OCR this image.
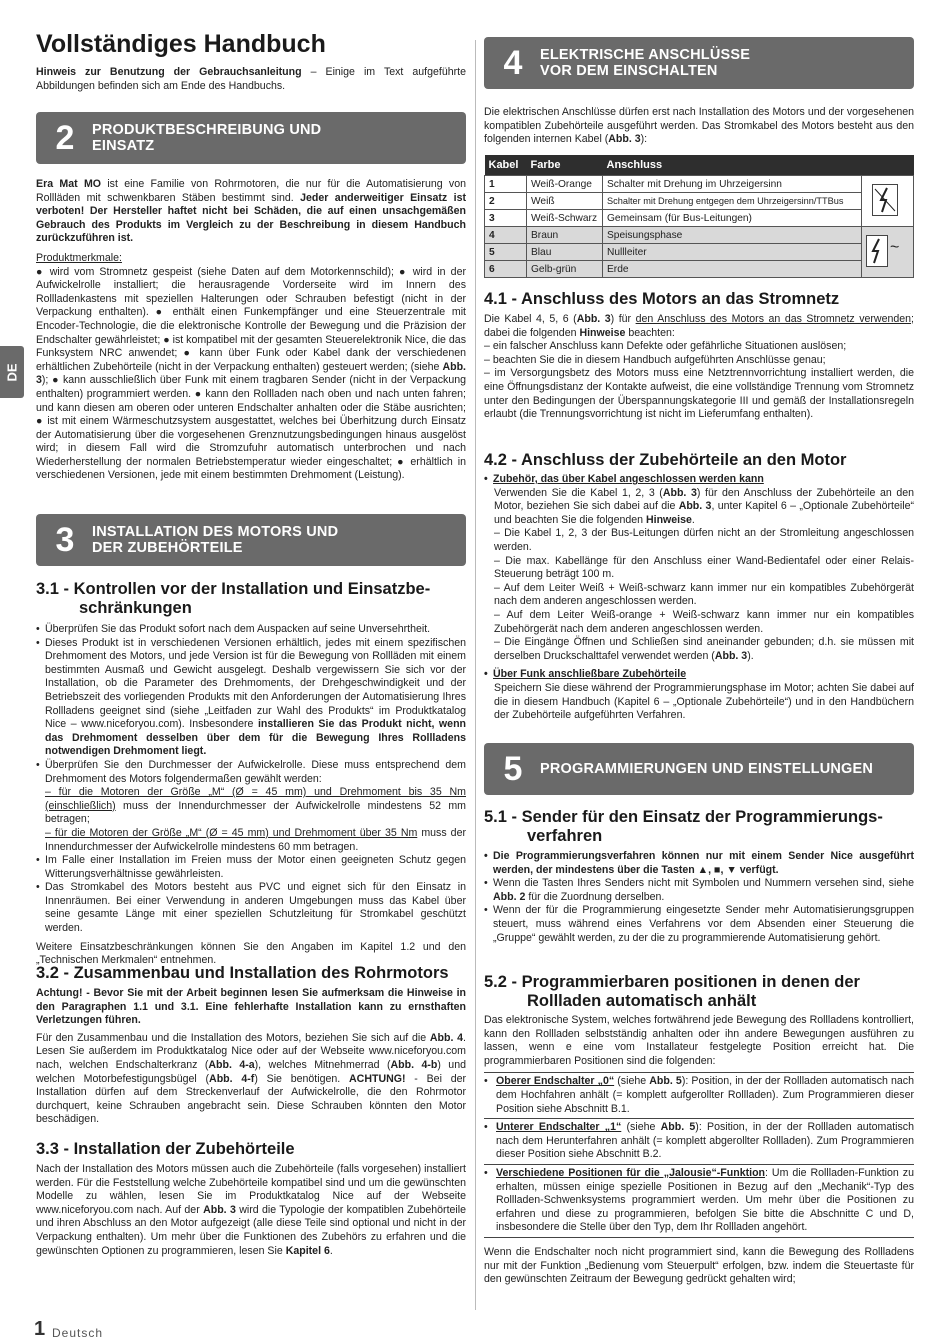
Vollständiges Handbuch
DE

Hinweis zur Benutzung der Gebrauchsanleitung – Einige im Text aufgeführte Abbildungen befinden sich am Ende des Handbuchs.

2	PRODUKTBESCHREIBUNG UND
EINSATZ

Era Mat MO ist eine Familie von Rohrmotoren, die nur für die Automatisierung von Rollläden mit schwenkbaren Stäben bestimmt sind. Jeder anderweitiger Einsatz ist verboten! Der Hersteller haftet nicht bei Schäden, die auf einen unsachgemäßen Gebrauch des Produkts im Vergleich zu der Beschreibung in diesem Handbuch zurückzuführen ist.

Produktmerkmale:

● wird vom Stromnetz gespeist (siehe Daten auf dem Motorkennschild); ● wird in der Aufwickelrolle installiert; die herausragende Vorderseite wird im Innern des Rollladenkastens mit speziellen Halterungen oder Schrauben befestigt (nicht in der Verpackung enthalten). ● enthält einen Funkempfänger und eine Steuerzentrale mit Encoder-Technologie, die die elektronische Kontrolle der Bewegung und die Präzision der Endschalter gewährleistet; ● ist kompatibel mit der gesamten Steuerelektronik Nice, die das Funksystem NRC anwendet; ● kann über Funk oder Kabel dank der verschiedenen erhältlichen Zubehörteile (nicht in der Verpackung enthalten) gesteuert werden; (siehe Abb. 3); ● kann ausschließlich über Funk mit einem tragbaren Sender (nicht in der Verpackung enthalten) programmiert werden. ● kann den Rollladen nach oben und nach unten fahren; und kann diesen am oberen oder unteren Endschalter anhalten oder die Stäbe ausrichten; ● ist mit einem Wärmeschutzsystem ausgestattet, welches bei Überhitzung durch Einsatz der Automatisierung über die vorgesehenen Grenznutzungsbedingungen hinaus ausgelöst wird; in diesem Fall wird die Stromzufuhr automatisch unterbrochen und nach Wiederherstellung der normalen Betriebstemperatur wieder eingeschaltet; ● erhältlich in verschiedenen Versionen, jede mit einem bestimmten Drehmoment (Leistung).

3	INSTALLATION DES MOTORS UND
DER ZUBEHÖRTEILE
3.1 - Kontrollen vor der Installation und Einsatzbe-
schränkungen

• Überprüfen Sie das Produkt sofort nach dem Auspacken auf seine Unversehrtheit.

• Dieses Produkt ist in verschiedenen Versionen erhältlich, jedes mit einem spezifischen Drehmoment des Motors, und jede Version ist für die Bewegung von Rollläden mit einem bestimmten Ausmaß und Gewicht ausgelegt. Deshalb vergewissern Sie sich vor der Installation, ob die Parameter des Drehmoments, der Drehgeschwindigkeit und der Betriebszeit des vorliegenden Produkts mit den Anforderungen der Automatisierung Ihres Rollladens geeignet sind (siehe „Leitfaden zur Wahl des Produkts“ im Produktkatalog Nice – www.niceforyou.com). Insbesondere installieren Sie das Produkt nicht, wenn das Drehmoment desselben über dem für die Bewegung Ihres Rollladens notwendigen Drehmoment liegt.

• Überprüfen Sie den Durchmesser der Aufwickelrolle. Diese muss entsprechend dem Drehmoment des Motors folgendermaßen gewählt werden:
– für die Motoren der Größe „M“ (Ø = 45 mm) und Drehmoment bis 35 Nm (einschließlich) muss der Innendurchmesser der Aufwickelrolle mindestens 52 mm betragen;
– für die Motoren der Größe „M“ (Ø = 45 mm) und Drehmoment über 35 Nm muss der Innendurchmesser der Aufwickelrolle mindestens 60 mm betragen.

• Im Falle einer Installation im Freien muss der Motor einen geeigneten Schutz gegen Witterungsverhältnisse gewährleisten.

• Das Stromkabel des Motors besteht aus PVC und eignet sich für den Einsatz in Innenräumen. Bei einer Verwendung in anderen Umgebungen muss das Kabel über seine gesamte Länge mit einer speziellen Schutzleitung für Stromkabel geschützt werden.

Weitere Einsatzbeschränkungen können Sie den Angaben im Kapitel 1.2 und den „Technischen Merkmalen“ entnehmen.

3.2 - Zusammenbau und Installation des Rohrmotors

Achtung! - Bevor Sie mit der Arbeit beginnen lesen Sie aufmerksam die Hinweise in den Paragraphen 1.1 und 3.1. Eine fehlerhafte Installation kann zu ernsthaften Verletzungen führen.

Für den Zusammenbau und die Installation des Motors, beziehen Sie sich auf die Abb. 4. Lesen Sie außerdem im Produktkatalog Nice oder auf der Webseite www.niceforyou.com nach, welchen Endschalterkranz (Abb. 4-a), welches Mitnehmerrad (Abb. 4-b) und welchen Motorbefestigungsbügel (Abb. 4-f) Sie benötigen. ACHTUNG! - Bei der Installation dürfen auf dem Streckenverlauf der Aufwickelrolle, die den Rohrmotor durchquert, keine Schrauben angebracht sein. Diese Schrauben könnten den Motor beschädigen.

3.3 - Installation der Zubehörteile

Nach der Installation des Motors müssen auch die Zubehörteile (falls vorgesehen) installiert werden. Für die Feststellung welche Zubehörteile kompatibel sind und um die gewünschten Modelle zu wählen, lesen Sie im Produktkatalog Nice auf der Webseite www.niceforyou.com nach. Auf der Abb. 3 wird die Typologie der kompatiblen Zubehörteile und ihren Abschluss an den Motor aufgezeigt (alle diese Teile sind optional und nicht in der Verpackung enthalten). Um mehr über die Funktionen des Zubehörs zu erfahren und die gewünschten Optionen zu programmieren, lesen Sie Kapitel 6.

4	ELEKTRISCHE ANSCHLÜSSE
VOR DEM EINSCHALTEN

Die elektrischen Anschlüsse dürfen erst nach Installation des Motors und der vorgesehenen kompatiblen Zubehörteile ausgeführt werden. Das Stromkabel des Motors besteht aus den folgenden internen Kabel (Abb. 3):

Kabel	Farbe	Anschluss	
1	Weiß-Orange	Schalter mit Drehung im Uhrzeigersinn	

2	Weiß	Schalter mit Drehung entgegen dem Uhrzeigersinn/TTBus	
3	Weiß-Schwarz	Gemeinsam (für Bus-Leitungen)	
4	Braun	Speisungsphase	~

5	Blau	Nullleiter	
6	Gelb-grün	Erde	
4.1 - Anschluss des Motors an das Stromnetz

Die Kabel 4, 5, 6 (Abb. 3) für den Anschluss des Motors an das Stromnetz verwenden; dabei die folgenden Hinweise beachten:

– ein falscher Anschluss kann Defekte oder gefährliche Situationen auslösen;

– beachten Sie die in diesem Handbuch aufgeführten Anschlüsse genau;

– im Versorgungsbetz des Motors muss eine Netztrennvorrichtung installiert werden, die eine Öffnungsdistanz der Kontakte aufweist, die eine vollständige Trennung vom Stromnetz unter den Bedingungen der Überspannungskategorie III und gemäß der Installationsregeln erlaubt (die Trennungsvorrichtung ist nicht im Lieferumfang enthalten).

4.2 - Anschluss der Zubehörteile an den Motor

• Zubehör, das über Kabel angeschlossen werden kann

Verwenden Sie die Kabel 1, 2, 3 (Abb. 3) für den Anschluss der Zubehörteile an den Motor, beziehen Sie sich dabei auf die Abb. 3, unter Kapitel 6 – „Optionale Zubehörteile“ und beachten Sie die folgenden Hinweise.

– Die Kabel 1, 2, 3 der Bus-Leitungen dürfen nicht an der Stromleitung angeschlossen werden.

– Die max. Kabellänge für den Anschluss einer Wand-Bedientafel oder einer Relais-Steuerung beträgt 100 m.

– Auf dem Leiter Weiß + Weiß-schwarz kann immer nur ein kompatibles Zubehörgerät nach dem anderen angeschlossen werden.

– Auf dem Leiter Weiß-orange + Weiß-schwarz kann immer nur ein kompatibles Zubehörgerät nach dem anderen angeschlossen werden.

– Die Eingänge Öffnen und Schließen sind aneinander gebunden; d.h. sie müssen mit derselben Druckschalttafel verwendet werden (Abb. 3).

• Über Funk anschließbare Zubehörteile

Speichern Sie diese während der Programmierungsphase im Motor; achten Sie dabei auf die in diesem Handbuch (Kapitel 6 – „Optionale Zubehörteile“) und in den Handbüchern der Zubehörteile aufgeführten Verfahren.

5	PROGRAMMIERUNGEN UND EINSTELLUNGEN
5.1 - Sender für den Einsatz der Programmierungs-
verfahren

• Die Programmierungsverfahren können nur mit einem Sender Nice ausgeführt werden, der mindestens über die Tasten ▲, ■, ▼ verfügt.

• Wenn die Tasten Ihres Senders nicht mit Symbolen und Nummern versehen sind, siehe Abb. 2 für die Zuordnung derselben.

• Wenn der für die Programmierung eingesetzte Sender mehr Automatisierungsgruppen steuert, muss während eines Verfahrens vor dem Absenden einer Steuerung die „Gruppe“ gewählt werden, zu der die zu programmierende Automatisierung gehört.

5.2 - Programmierbaren positionen in denen der
Rollladen automatisch anhält

Das elektronische System, welches fortwährend jede Bewegung des Rollladens kontrolliert, kann den Rollladen selbstständig anhalten oder ihn andere Bewegungen ausführen zu lassen, wenn e eine vom Installateur festgelegte Position erreicht hat. Die programmierbaren Positionen sind die folgenden:

• Oberer Endschalter „0“ (siehe Abb. 5): Position, in der der Rollladen automatisch nach dem Hochfahren anhält (= komplett aufgerollter Rollladen). Zum Programmieren dieser Position siehe Abschnitt B.1.

• Unterer Endschalter „1“ (siehe Abb. 5): Position, in der der Rollladen automatisch nach dem Herunterfahren anhält (= komplett abgerollter Rollladen). Zum Programmieren dieser Position siehe Abschnitt B.2.

• Verschiedene Positionen für die „Jalousie“-Funktion: Um die Rollladen-Funktion zu erhalten, müssen einige spezielle Positionen in Bezug auf den „Mechanik“-Typ des Rollladen-Schwenksystems programmiert werden. Um mehr über die Positionen zu erfahren und diese zu programmieren, befolgen Sie bitte die Abschnitte C und D, insbesondere die Stelle über den Typ, dem Ihr Rollladen angehört.

Wenn die Endschalter noch nicht programmiert sind, kann die Bewegung des Rollladens nur mit der Funktion „Bedienung vom Steuerpult“ erfolgen, bzw. indem die Steuertaste für den gewünschten Zeitraum der Bewegung gedrückt gehalten wird;

1 Deutsch
